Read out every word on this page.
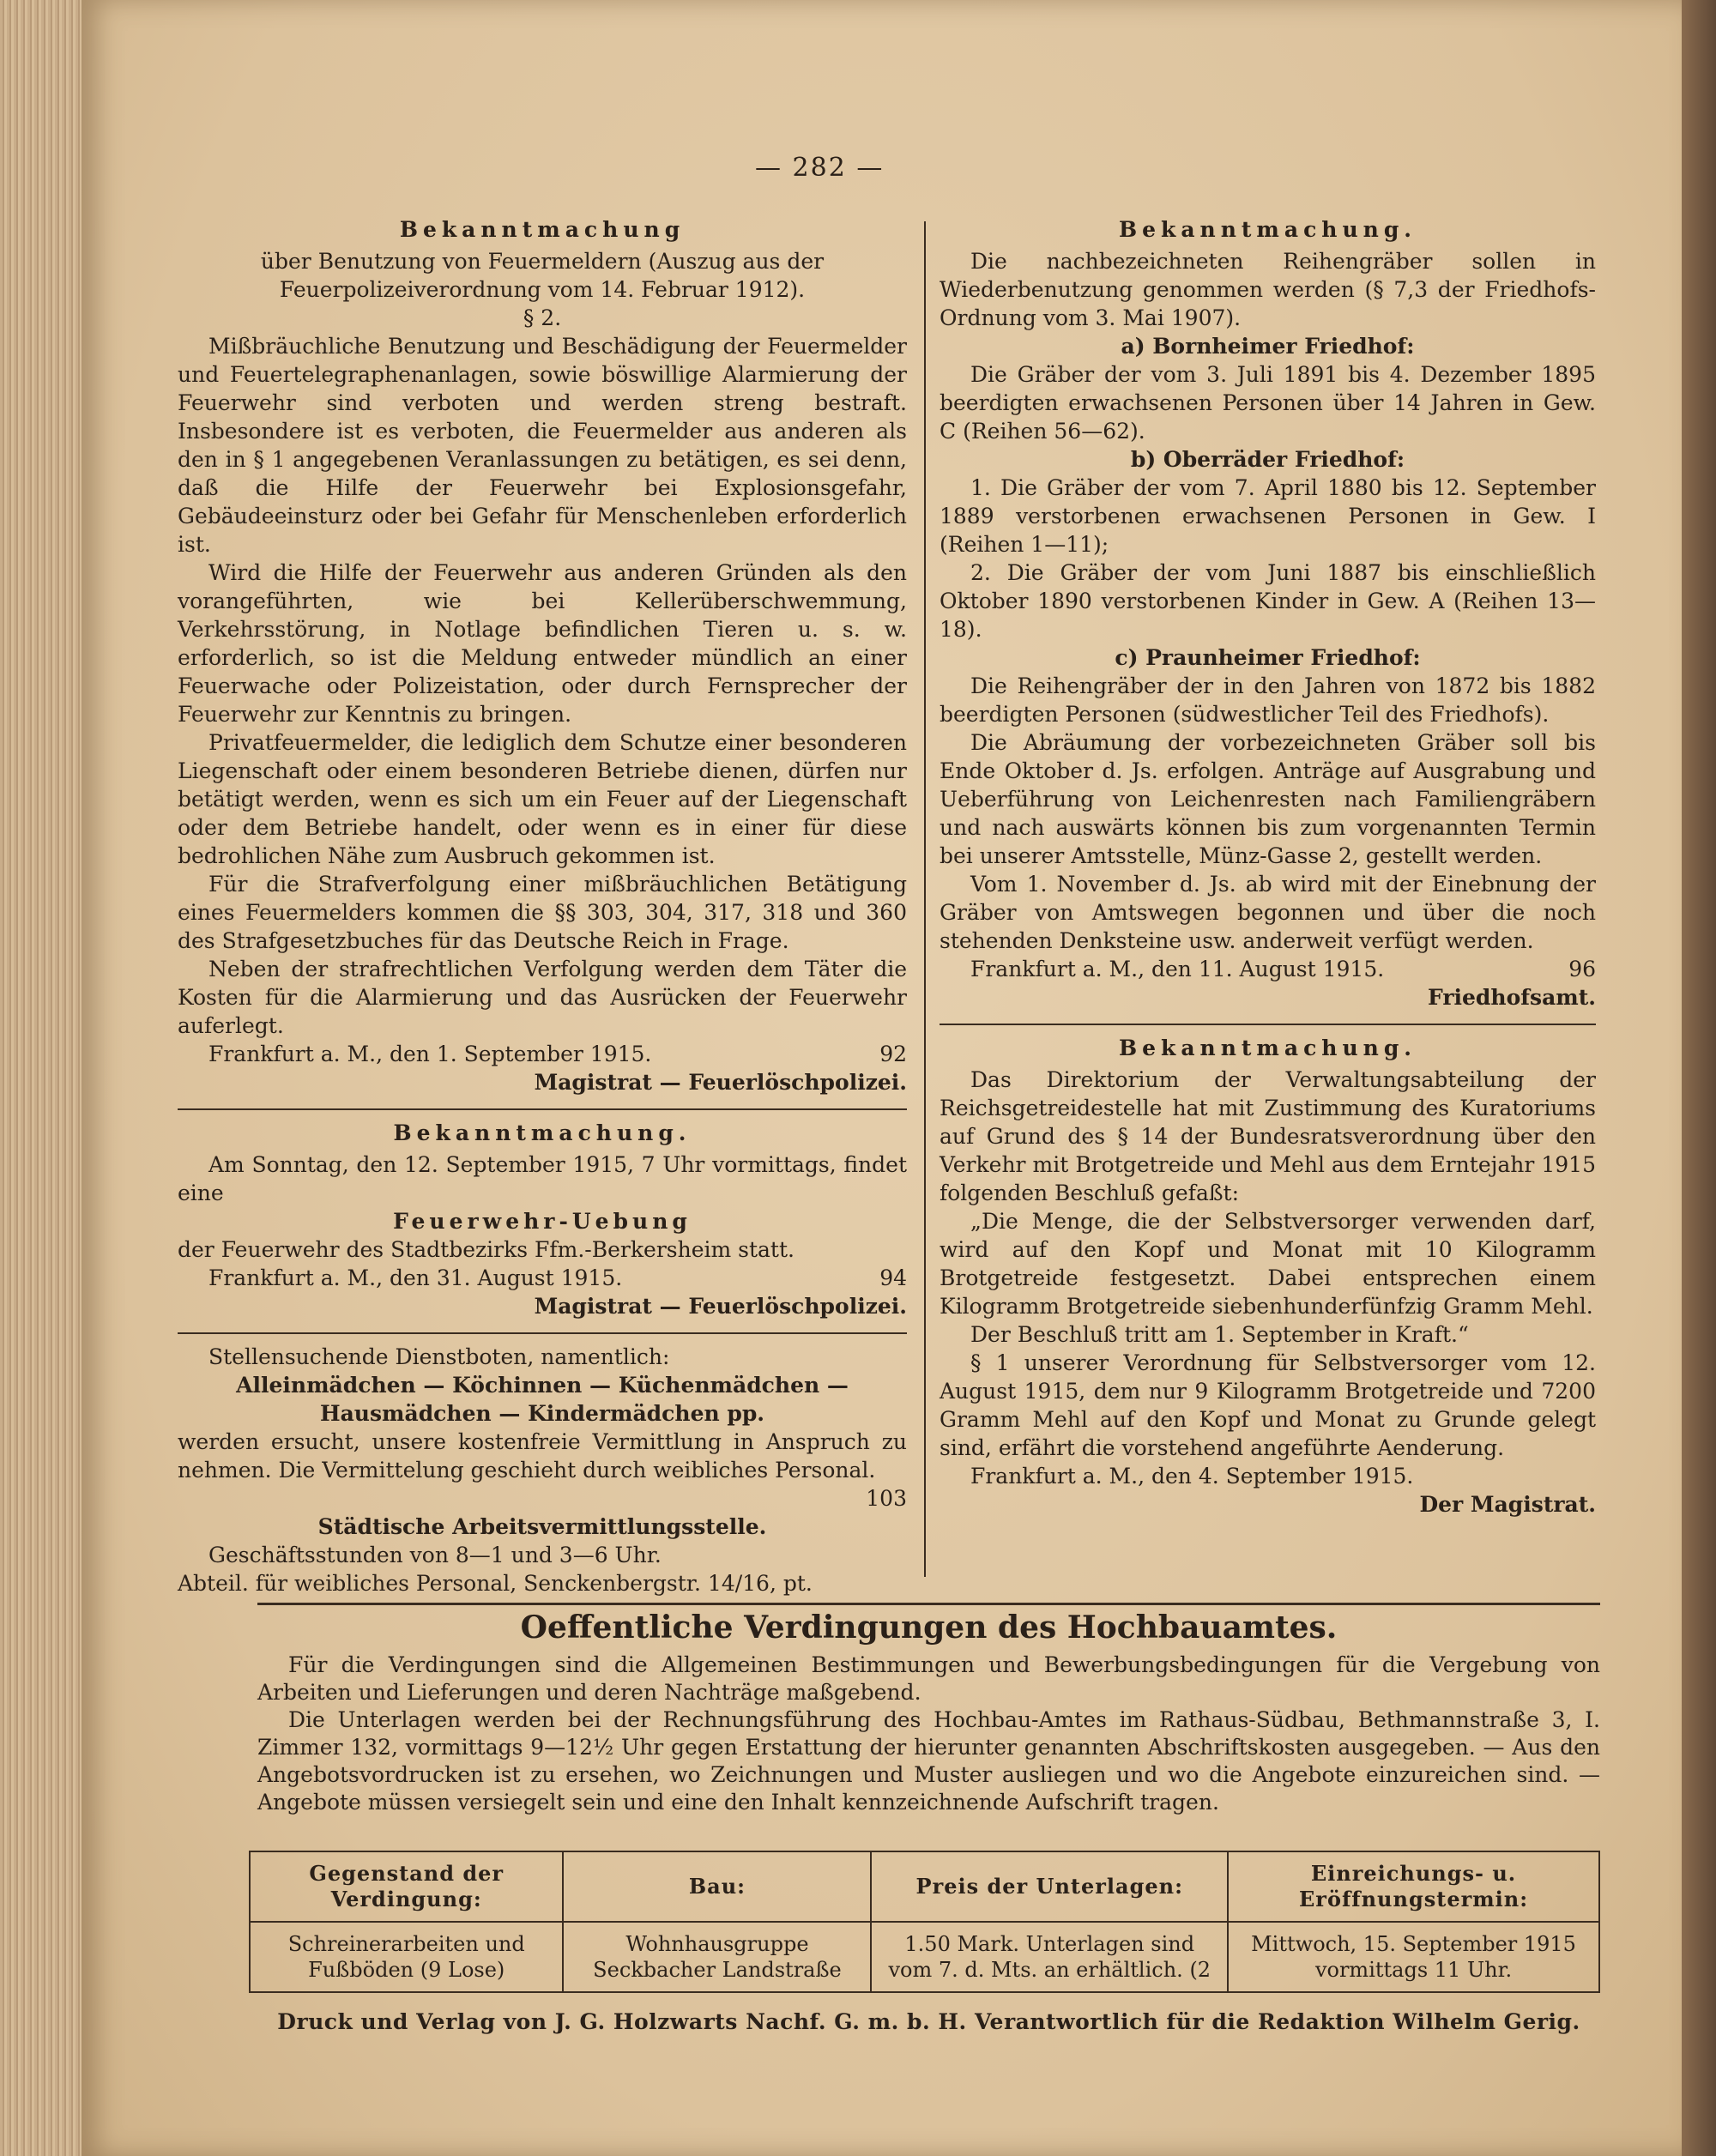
— 282 —
Bekanntmachung

über Benutzung von Feuermeldern (Auszug aus der Feuerpolizeiverordnung vom 14. Februar 1912).

§ 2.

Mißbräuchliche Benutzung und Beschädigung der Feuermelder und Feuertelegraphenanlagen, sowie böswillige Alarmierung der Feuerwehr sind verboten und werden streng bestraft. Insbesondere ist es verboten, die Feuermelder aus anderen als den in § 1 angegebenen Veranlassungen zu betätigen, es sei denn, daß die Hilfe der Feuerwehr bei Explosionsgefahr, Gebäudeeinsturz oder bei Gefahr für Menschenleben erforderlich ist.

Wird die Hilfe der Feuerwehr aus anderen Gründen als den vorangeführten, wie bei Kellerüberschwemmung, Verkehrsstörung, in Notlage befindlichen Tieren u. s. w. erforderlich, so ist die Meldung entweder mündlich an einer Feuerwache oder Polizeistation, oder durch Fernsprecher der Feuerwehr zur Kenntnis zu bringen.

Privatfeuermelder, die lediglich dem Schutze einer besonderen Liegenschaft oder einem besonderen Betriebe dienen, dürfen nur betätigt werden, wenn es sich um ein Feuer auf der Liegenschaft oder dem Betriebe handelt, oder wenn es in einer für diese bedrohlichen Nähe zum Ausbruch gekommen ist.

Für die Strafverfolgung einer mißbräuchlichen Betätigung eines Feuermelders kommen die §§ 303, 304, 317, 318 und 360 des Strafgesetzbuches für das Deutsche Reich in Frage.

Neben der strafrechtlichen Verfolgung werden dem Täter die Kosten für die Alarmierung und das Ausrücken der Feuerwehr auferlegt.

Frankfurt a. M., den 1. September 1915.	92

Magistrat — Feuerlöschpolizei.

Bekanntmachung.

Am Sonntag, den 12. September 1915, 7 Uhr vormittags, findet eine

Feuerwehr-Uebung

der Feuerwehr des Stadtbezirks Ffm.-Berkersheim statt.

Frankfurt a. M., den 31. August 1915.	94

Magistrat — Feuerlöschpolizei.

Stellensuchende Dienstboten, namentlich:

Alleinmädchen — Köchinnen — Küchenmädchen — Hausmädchen — Kindermädchen pp.

werden ersucht, unsere kostenfreie Vermittlung in Anspruch zu nehmen. Die Vermittelung geschieht durch weibliches Personal.

103

Städtische Arbeitsvermittlungsstelle.

Geschäftsstunden von 8—1 und 3—6 Uhr.

Abteil. für weibliches Personal, Senckenbergstr. 14/16, pt.

Bekanntmachung.

Die nachbezeichneten Reihengräber sollen in Wiederbenutzung genommen werden (§ 7,3 der Friedhofs-Ordnung vom 3. Mai 1907).

a) Bornheimer Friedhof:

Die Gräber der vom 3. Juli 1891 bis 4. Dezember 1895 beerdigten erwachsenen Personen über 14 Jahren in Gew. C (Reihen 56—62).

b) Oberräder Friedhof:

1. Die Gräber der vom 7. April 1880 bis 12. September 1889 verstorbenen erwachsenen Personen in Gew. I (Reihen 1—11);

2. Die Gräber der vom Juni 1887 bis einschließlich Oktober 1890 verstorbenen Kinder in Gew. A (Reihen 13—18).

c) Praunheimer Friedhof:

Die Reihengräber der in den Jahren von 1872 bis 1882 beerdigten Personen (südwestlicher Teil des Friedhofs).

Die Abräumung der vorbezeichneten Gräber soll bis Ende Oktober d. Js. erfolgen. Anträge auf Ausgrabung und Ueberführung von Leichenresten nach Familiengräbern und nach auswärts können bis zum vorgenannten Termin bei unserer Amtsstelle, Münz-Gasse 2, gestellt werden.

Vom 1. November d. Js. ab wird mit der Einebnung der Gräber von Amtswegen begonnen und über die noch stehenden Denksteine usw. anderweit verfügt werden.

Frankfurt a. M., den 11. August 1915.	96

Friedhofsamt.

Bekanntmachung.

Das Direktorium der Verwaltungsabteilung der Reichsgetreidestelle hat mit Zustimmung des Kuratoriums auf Grund des § 14 der Bundesratsverordnung über den Verkehr mit Brotgetreide und Mehl aus dem Erntejahr 1915 folgenden Beschluß gefaßt:

„Die Menge, die der Selbstversorger verwenden darf, wird auf den Kopf und Monat mit 10 Kilogramm Brotgetreide festgesetzt. Dabei entsprechen einem Kilogramm Brotgetreide siebenhunderfünfzig Gramm Mehl.

Der Beschluß tritt am 1. September in Kraft.“

§ 1 unserer Verordnung für Selbstversorger vom 12. August 1915, dem nur 9 Kilogramm Brotgetreide und 7200 Gramm Mehl auf den Kopf und Monat zu Grunde gelegt sind, erfährt die vorstehend angeführte Aenderung.

Frankfurt a. M., den 4. September 1915.

Der Magistrat.

Oeffentliche Verdingungen des Hochbauamtes.

Für die Verdingungen sind die Allgemeinen Bestimmungen und Bewerbungsbedingungen für die Vergebung von Arbeiten und Lieferungen und deren Nachträge maßgebend.

Die Unterlagen werden bei der Rechnungsführung des Hochbau-Amtes im Rathaus-Südbau, Bethmannstraße 3, I. Zimmer 132, vormittags 9—12½ Uhr gegen Erstattung der hierunter genannten Abschriftskosten ausgegeben. — Aus den Angebotsvordrucken ist zu ersehen, wo Zeichnungen und Muster ausliegen und wo die Angebote einzureichen sind. — Angebote müssen versiegelt sein und eine den Inhalt kennzeichnende Aufschrift tragen.

Gegenstand der Verdingung:	Bau:	Preis der Unterlagen:	Einreichungs- u. Eröffnungstermin:
Schreinerarbeiten und Fußböden (9 Lose)	Wohnhausgruppe Seckbacher Landstraße	1.50 Mark. Unterlagen sind vom 7. d. Mts. an erhältlich. (2	Mittwoch, 15. September 1915 vormittags 11 Uhr.
Druck und Verlag von J. G. Holzwarts Nachf. G. m. b. H. Verantwortlich für die Redaktion Wilhelm Gerig.
